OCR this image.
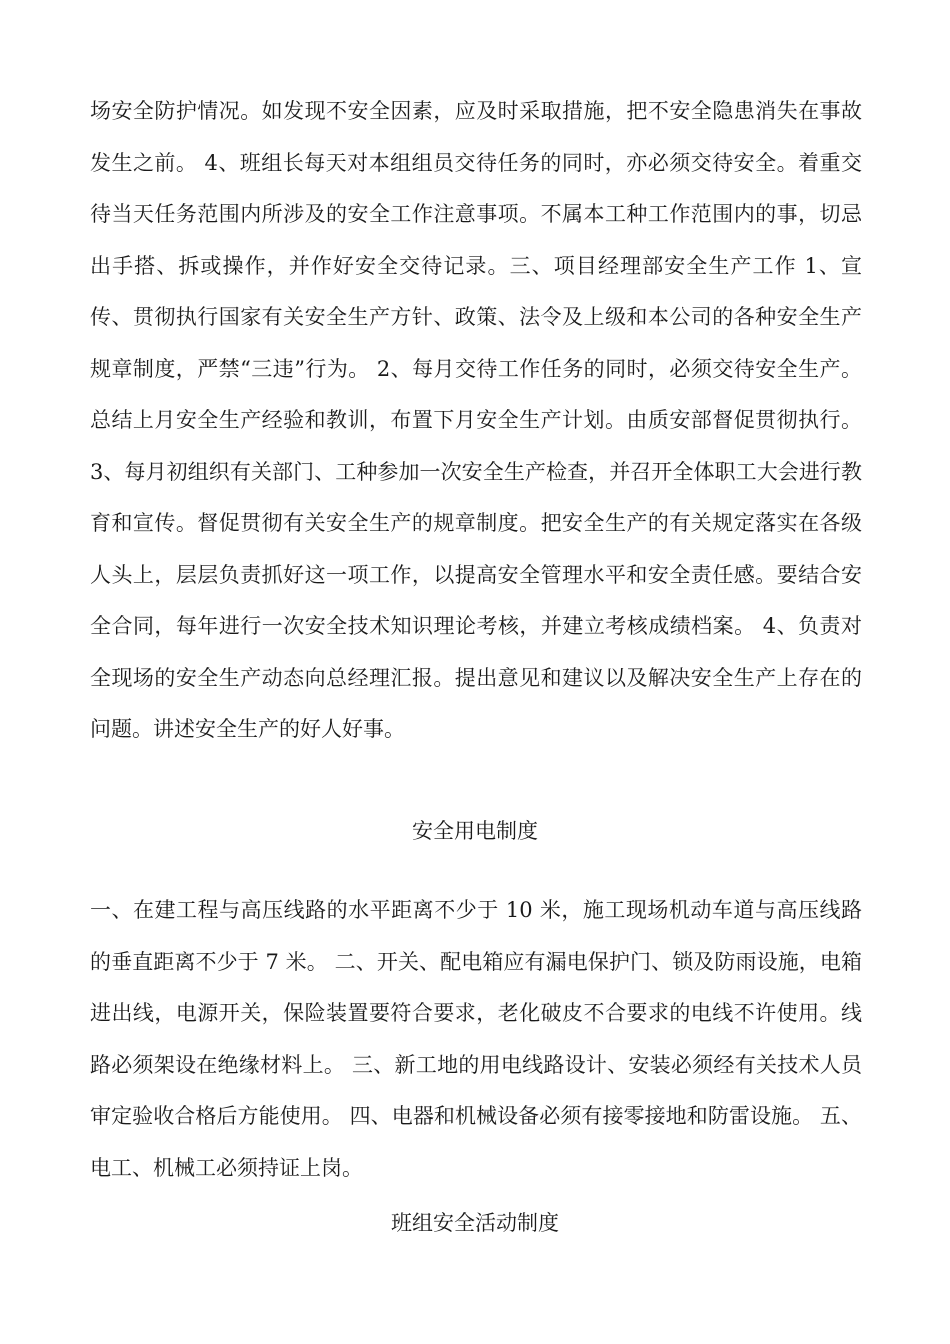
场安全防护情况。如发现不安全因素，应及时采取措施，把不安全隐患消失在事故发生之前。 4、班组长每天对本组组员交待任务的同时，亦必须交待安全。着重交待当天任务范围内所涉及的安全工作注意事项。不属本工种工作范围内的事，切忌出手搭、拆或操作，并作好安全交待记录。三、项目经理部安全生产工作 1、宣传、贯彻执行国家有关安全生产方针、政策、法令及上级和本公司的各种安全生产规章制度，严禁“三违”行为。 2、每月交待工作任务的同时，必须交待安全生产。总结上月安全生产经验和教训，布置下月安全生产计划。由质安部督促贯彻执行。 3、每月初组织有关部门、工种参加一次安全生产检查，并召开全体职工大会进行教育和宣传。督促贯彻有关安全生产的规章制度。把安全生产的有关规定落实在各级人头上，层层负责抓好这一项工作，以提高安全管理水平和安全责任感。要结合安全合同，每年进行一次安全技术知识理论考核，并建立考核成绩档案。 4、负责对全现场的安全生产动态向总经理汇报。提出意见和建议以及解决安全生产上存在的问题。讲述安全生产的好人好事。

安全用电制度

一、在建工程与高压线路的水平距离不少于 10 米，施工现场机动车道与高压线路的垂直距离不少于 7 米。 二、开关、配电箱应有漏电保护门、锁及防雨设施，电箱进出线，电源开关，保险装置要符合要求，老化破皮不合要求的电线不许使用。线路必须架设在绝缘材料上。 三、新工地的用电线路设计、安装必须经有关技术人员审定验收合格后方能使用。 四、电器和机械设备必须有接零接地和防雷设施。 五、电工、机械工必须持证上岗。

班组安全活动制度
